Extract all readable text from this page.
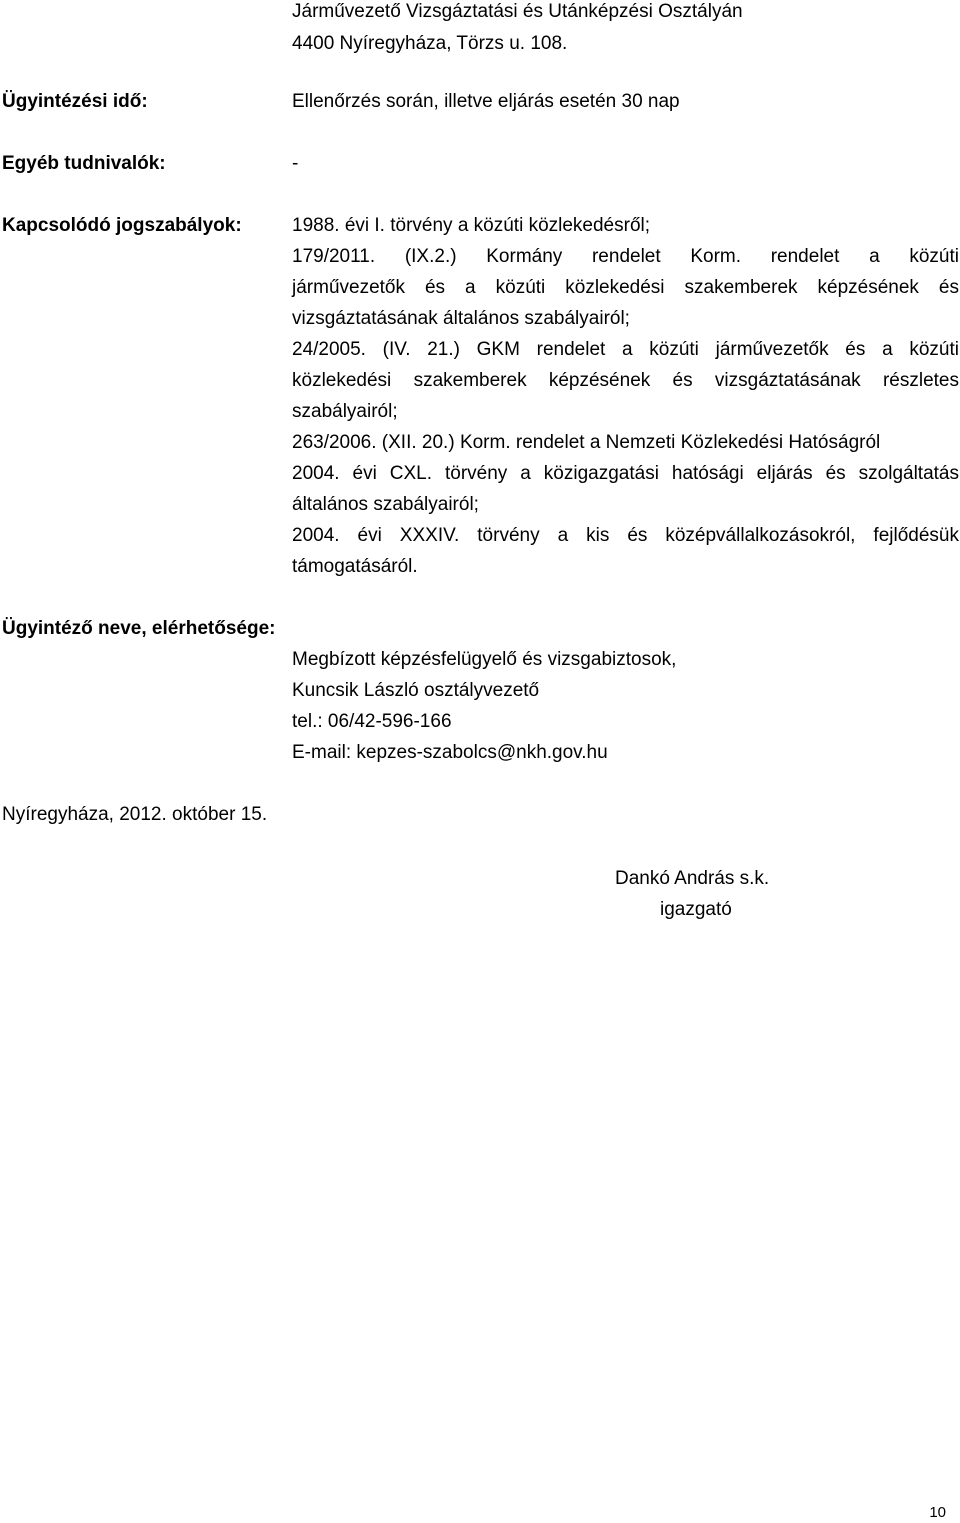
Járművezető Vizsgáztatási és Utánképzési Osztályán
4400 Nyíregyháza, Törzs u. 108.
Ügyintézési idő:	Ellenőrzés során, illetve eljárás esetén 30 nap
Egyéb tudnivalók:	-
Kapcsolódó jogszabályok:	1988. évi I. törvény a közúti közlekedésről;
179/2011. (IX.2.) Kormány rendelet Korm. rendelet a közúti
járművezetők és a közúti közlekedési szakemberek képzésének és
vizsgáztatásának általános szabályairól;
24/2005. (IV. 21.) GKM rendelet a közúti járművezetők és a közúti
közlekedési szakemberek képzésének és vizsgáztatásának részletes
szabályairól;
263/2006. (XII. 20.) Korm. rendelet a Nemzeti Közlekedési Hatóságról
2004. évi CXL. törvény a közigazgatási hatósági eljárás és szolgáltatás
általános szabályairól;
2004. évi XXXIV. törvény a kis és középvállalkozásokról, fejlődésük
támogatásáról.
Ügyintéző neve, elérhetősége:
Megbízott képzésfelügyelő és vizsgabiztosok,
Kuncsik László osztályvezető
tel.: 06/42-596-166
E-mail: kepzes-szabolcs@nkh.gov.hu
Nyíregyháza, 2012. október 15.
Dankó András s.k.
igazgató
10
